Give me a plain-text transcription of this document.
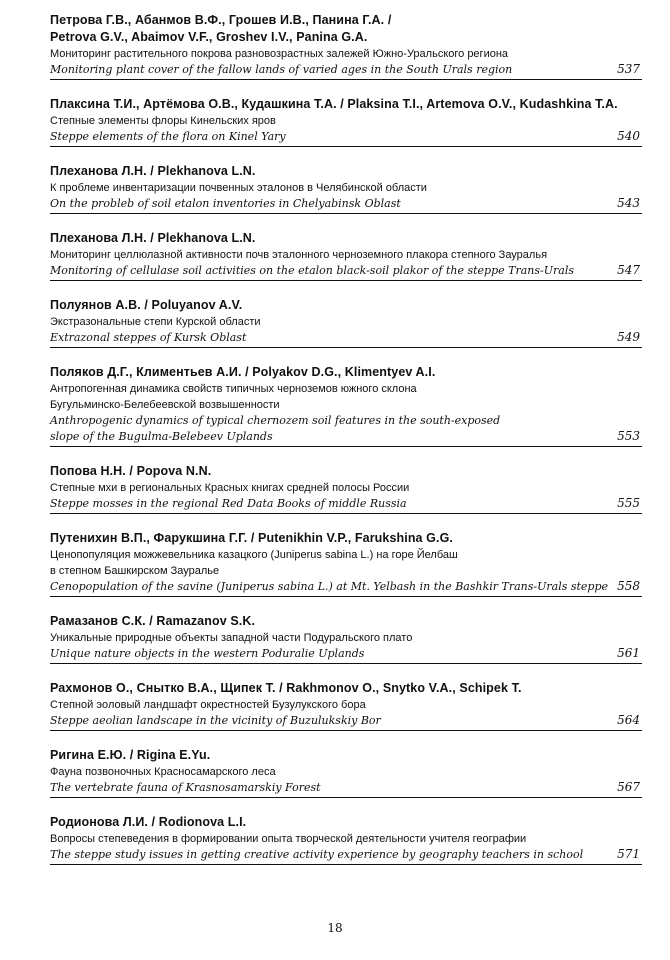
Петрова Г.В., Абанмов В.Ф., Грошев И.В., Панина Г.А. /
Petrova G.V., Abaimov V.F., Groshev I.V., Panina G.A.
Мониторинг растительного покрова разновозрастных залежей Южно-Уральского региона
Monitoring plant cover of the fallow lands of varied ages in the South Urals region	537
Плаксина Т.И., Артёмова О.В., Кудашкина Т.А. / Plaksina T.I., Artemova O.V., Kudashkina T.A.
Степные элементы флоры Кинельских яров
Steppe elements of the flora on Kinel Yary	540
Плеханова Л.Н. / Plekhanova L.N.
К проблеме инвентаризации почвенных эталонов в Челябинской области
On the probleb of soil etalon inventories in Chelyabinsk Oblast	543
Плеханова Л.Н. / Plekhanova L.N.
Мониторинг целлюлазной активности почв эталонного черноземного плакора степного Зауралья
Monitoring of cellulase soil activities on the etalon black-soil plakor of the steppe Trans-Urals	547
Полуянов А.В. / Poluyanov A.V.
Экстразональные степи Курской области
Extrazonal steppes of Kursk Oblast	549
Поляков Д.Г., Климентьев А.И. / Polyakov D.G., Klimentyev A.I.
Антропогенная динамика свойств типичных черноземов южного склона
Бугульминско-Белебеевской возвышенности
Anthropogenic dynamics of typical chernozem soil features in the south-exposed
slope of the Bugulma-Belebeev Uplands	553
Попова Н.Н. / Popova N.N.
Степные мхи в региональных Красных книгах средней полосы России
Steppe mosses in the regional Red Data Books of middle Russia	555
Путенихин В.П., Фарукшина Г.Г. / Putenikhin V.P., Farukshina G.G.
Ценопопуляция можжевельника казацкого (Juniperus sabina L.) на горе Йелбаш
в степном Башкирском Зауралье
Cenopopulation of the savine (Juniperus sabina L.) at Mt. Yelbash in the Bashkir Trans-Urals steppe 558
Рамазанов С.К. / Ramazanov S.K.
Уникальные природные объекты западной части Подуральского плато
Unique nature objects in the western Poduralie Uplands	561
Рахмонов О., Снытко В.А., Щипек Т. / Rakhmonov O., Snytko V.A., Schipek T.
Степной эоловый ландшафт окрестностей Бузулукского бора
Steppe aeolian landscape in the vicinity of Buzulukskiy Bor	564
Ригина Е.Ю. / Rigina E.Yu.
Фауна позвоночных Красносамарского леса
The vertebrate fauna of Krasnosamarskiy Forest	567
Родионова Л.И. / Rodionova L.I.
Вопросы степеведения в формировании опыта творческой деятельности учителя географии
The steppe study issues in getting creative activity experience by geography teachers in school	571
18
